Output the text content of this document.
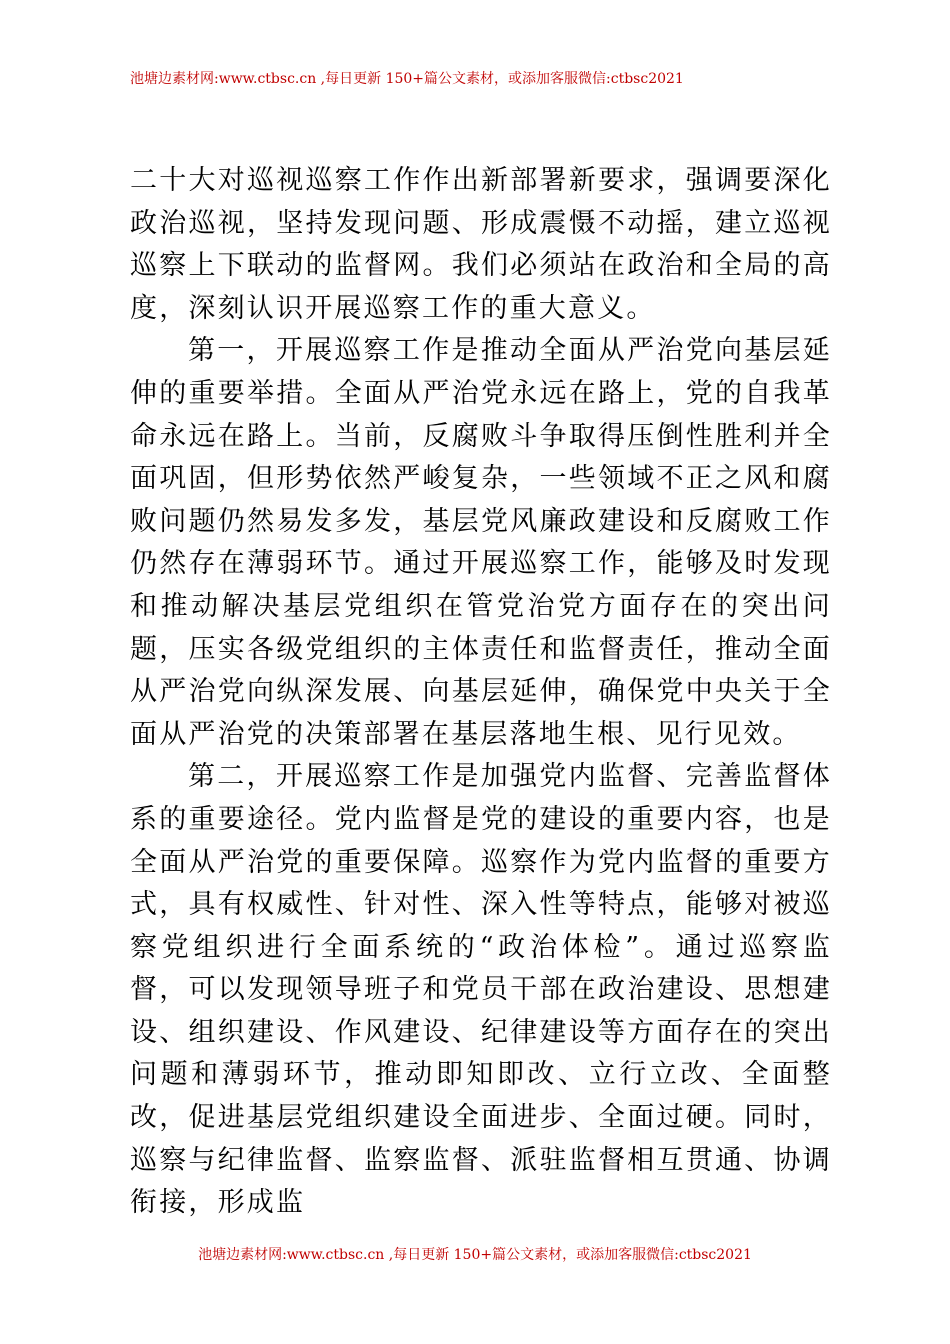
池塘边素材网:www.ctbsc.cn ,每日更新 150+篇公文素材，或添加客服微信:ctbsc2021

二十大对巡视巡察工作作出新部署新要求，强调要深化政治巡视，坚持发现问题、形成震慑不动摇，建立巡视巡察上下联动的监督网。我们必须站在政治和全局的高度，深刻认识开展巡察工作的重大意义。

第一，开展巡察工作是推动全面从严治党向基层延伸的重要举措。全面从严治党永远在路上，党的自我革命永远在路上。当前，反腐败斗争取得压倒性胜利并全面巩固，但形势依然严峻复杂，一些领域不正之风和腐败问题仍然易发多发，基层党风廉政建设和反腐败工作仍然存在薄弱环节。通过开展巡察工作，能够及时发现和推动解决基层党组织在管党治党方面存在的突出问题，压实各级党组织的主体责任和监督责任，推动全面从严治党向纵深发展、向基层延伸，确保党中央关于全面从严治党的决策部署在基层落地生根、见行见效。

第二，开展巡察工作是加强党内监督、完善监督体系的重要途径。党内监督是党的建设的重要内容，也是全面从严治党的重要保障。巡察作为党内监督的重要方式，具有权威性、针对性、深入性等特点，能够对被巡察党组织进行全面系统的“政治体检”。通过巡察监督，可以发现领导班子和党员干部在政治建设、思想建设、组织建设、作风建设、纪律建设等方面存在的突出问题和薄弱环节，推动即知即改、立行立改、全面整改，促进基层党组织建设全面进步、全面过硬。同时，巡察与纪律监督、监察监督、派驻监督相互贯通、协调衔接，形成监

池塘边素材网:www.ctbsc.cn ,每日更新 150+篇公文素材，或添加客服微信:ctbsc2021
